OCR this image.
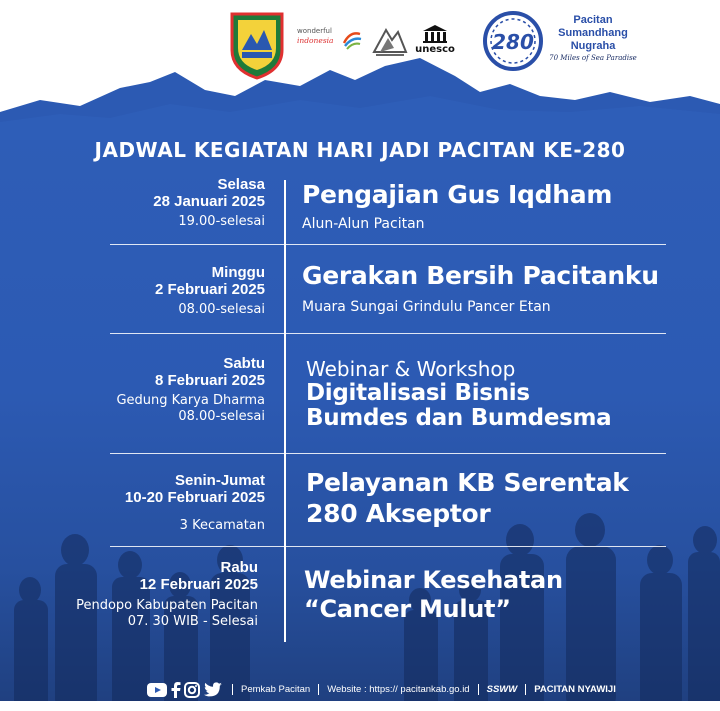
wonderful
indonesia
unesco 280
Pacitan
Sumandhang
Nugraha
70 Miles of Sea Paradise
JADWAL KEGIATAN HARI JADI PACITAN KE-280
Selasa
28 Januari 2025
19.00-selesai
Pengajian Gus Iqdham
Alun-Alun Pacitan
Minggu
2 Februari 2025
08.00-selesai
Gerakan Bersih Pacitanku
Muara Sungai Grindulu Pancer Etan
Sabtu
8 Februari 2025
Gedung Karya Dharma
08.00-selesai
Webinar & Workshop
Digitalisasi Bisnis
Bumdes dan Bumdesma
Senin-Jumat
10-20 Februari 2025
3 Kecamatan
Pelayanan KB Serentak
280 Akseptor
Rabu
12 Februari 2025
Pendopo Kabupaten Pacitan
07. 30 WIB - Selesai
Webinar Kesehatan
“Cancer Mulut”
Pemkab Pacitan Website : https:// pacitankab.go.id SSWW PACITAN NYAWIJI
